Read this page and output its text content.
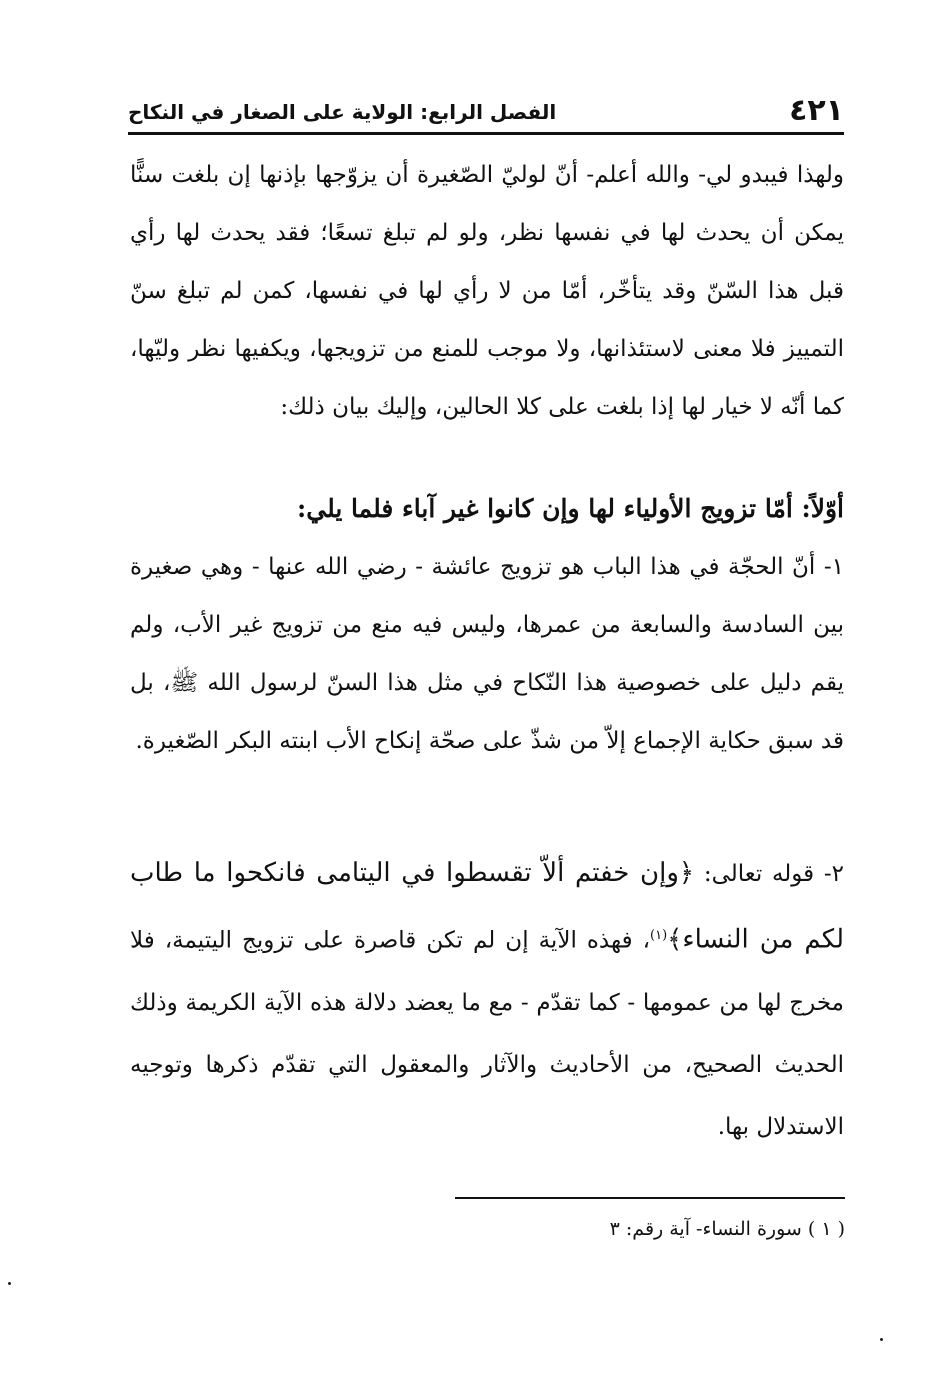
٤٢١
الفصل الرابع: الولاية على الصغار في النكاح
ولهذا فيبدو لي- والله أعلم- أنّ لوليّ الصّغيرة أن يزوّجها بإذنها إن بلغت سنًّا يمكن أن يحدث لها في نفسها نظر، ولو لم تبلغ تسعًا؛ فقد يحدث لها رأي قبل هذا السّنّ وقد يتأخّر، أمّا من لا رأي لها في نفسها، كمن لم تبلغ سنّ التمييز فلا معنى لاستئذانها، ولا موجب للمنع من تزويجها، ويكفيها نظر وليّها، كما أنّه لا خيار لها إذا بلغت على كلا الحالين، وإليك بيان ذلك:
أوّلاً: أمّا تزويج الأولياء لها وإن كانوا غير آباء فلما يلي:
١- أنّ الحجّة في هذا الباب هو تزويج عائشة - رضي الله عنها - وهي صغيرة بين السادسة والسابعة من عمرها، وليس فيه منع من تزويج غير الأب، ولم يقم دليل على خصوصية هذا النّكاح في مثل هذا السنّ لرسول الله ﷺ، بل قد سبق حكاية الإجماع إلاّ من شذّ على صحّة إنكاح الأب ابنته البكر الصّغيرة.
٢- قوله تعالى: ﴿وإن خفتم ألاّ تقسطوا في اليتامى فانكحوا ما طاب لكم من النساء﴾$^{(١)}$، فهذه الآية إن لم تكن قاصرة على تزويج اليتيمة، فلا مخرج لها من عمومها - كما تقدّم - مع ما يعضد دلالة هذه الآية الكريمة وذلك الحديث الصحيح، من الأحاديث والآثار والمعقول التي تقدّم ذكرها وتوجيه الاستدلال بها.
( ١ ) سورة النساء- آية رقم: ٣
